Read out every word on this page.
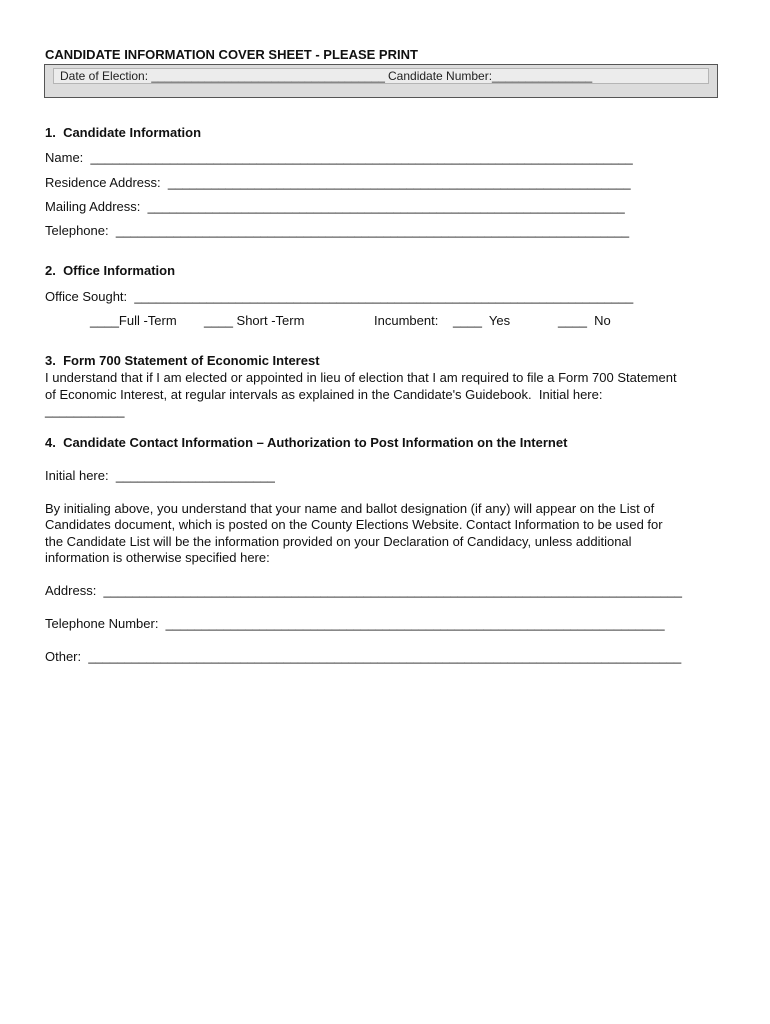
CANDIDATE INFORMATION COVER SHEET - PLEASE PRINT

Date of Election: ___________________________________

Candidate Number:_______________

1.  Candidate Information
Name:  ___________________________________________________________________________
Residence Address:  ________________________________________________________________
Mailing Address:  __________________________________________________________________
Telephone:  _______________________________________________________________________
2.  Office Information
Office Sought:  _____________________________________________________________________
____Full -Term ____ Short -Term	Incumbent: ____  Yes	____  No
3.  Form 700 Statement of Economic Interest
I understand that if I am elected or appointed in lieu of election that I am required to file a Form 700 Statement
of Economic Interest, at regular intervals as explained in the Candidate's Guidebook.  Initial here:
___________
4.  Candidate Contact Information – Authorization to Post Information on the Internet
Initial here:  ______________________
By initialing above, you understand that your name and ballot designation (if any) will appear on the List of
Candidates document, which is posted on the County Elections Website. Contact Information to be used for
the Candidate List will be the information provided on your Declaration of Candidacy, unless additional
information is otherwise specified here:
Address:  ________________________________________________________________________________
Telephone Number:  _____________________________________________________________________
Other:  __________________________________________________________________________________
